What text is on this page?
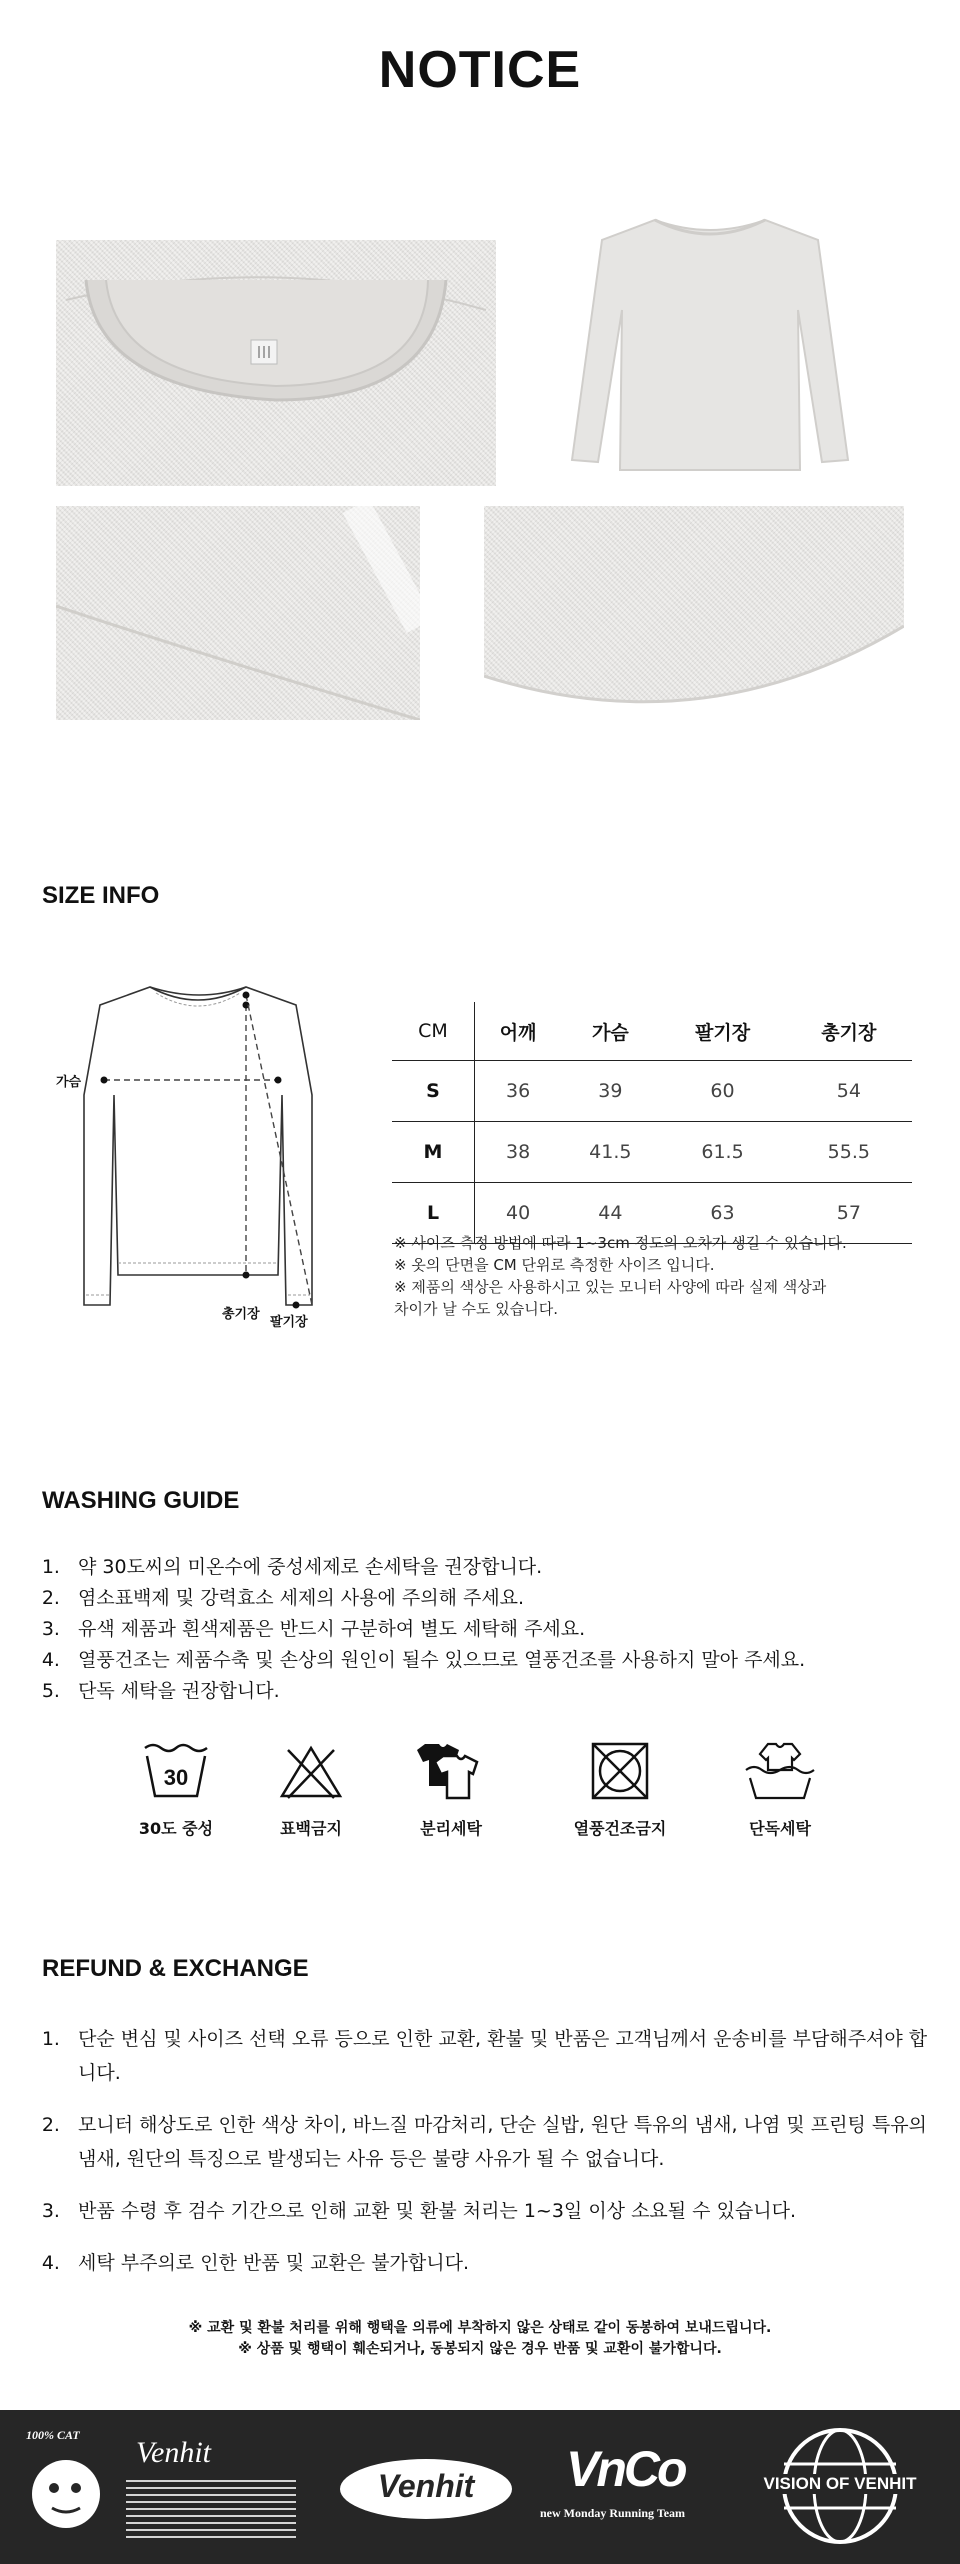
NOTICE
SIZE INFO
가슴
총기장
팔기장
CM	어깨	가슴	팔기장	총기장
S	36	39	60	54
M	38	41.5	61.5	55.5
L	40	44	63	57

※ 사이즈 측정 방법에 따라 1~3cm 정도의 오차가 생길 수 있습니다.

※ 옷의 단면을 CM 단위로 측정한 사이즈 입니다.

※ 제품의 색상은 사용하시고 있는 모니터 사양에 따라 실제 색상과

차이가 날 수도 있습니다.

WASHING GUIDE
1. 약 30도씨의 미온수에 중성세제로 손세탁을 권장합니다.
2. 염소표백제 및 강력효소 세제의 사용에 주의해 주세요.
3. 유색 제품과 흰색제품은 반드시 구분하여 별도 세탁해 주세요.
4. 열풍건조는 제품수축 및 손상의 원인이 될수 있으므로 열풍건조를 사용하지 말아 주세요.
5. 단독 세탁을 권장합니다.
30
30도 중성	표백금지	분리세탁	열풍건조금지	단독세탁
REFUND & EXCHANGE
1. 단순 변심 및 사이즈 선택 오류 등으로 인한 교환, 환불 및 반품은 고객님께서 운송비를 부담해주셔야 합니다.
2. 모니터 해상도로 인한 색상 차이, 바느질 마감처리, 단순 실밥, 원단 특유의 냄새, 나염 및 프린팅 특유의 냄새, 원단의 특징으로 발생되는 사유 등은 불량 사유가 될 수 없습니다.
3. 반품 수령 후 검수 기간으로 인해 교환 및 환불 처리는 1~3일 이상 소요될 수 있습니다.
4. 세탁 부주의로 인한 반품 및 교환은 불가합니다.
※ 교환 및 환불 처리를 위해 행택을 의류에 부착하지 않은 상태로 같이 동봉하여 보내드립니다.
※ 상품 및 행택이 훼손되거나, 동봉되지 않은 경우 반품 및 교환이 불가합니다.
100% CAT
Venhit
Venhit	VnCo
new Monday Running Team
VISION OF VENHIT
